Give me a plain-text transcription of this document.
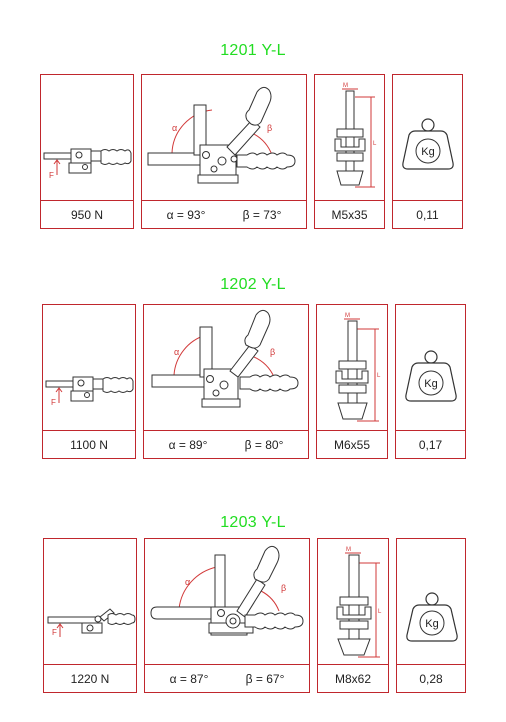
1201 Y-L
F
950 N
α	β
α = 93°	β = 73°
M
L
M5x35
Kg
0,11
1202 Y-L
F
1100 N
α	β
α = 89°	β = 80°
M
L
M6x55
Kg
0,17
1203 Y-L
F
1220 N
α
β
α = 87°	β = 67°
M
L
M8x62
Kg
0,28
